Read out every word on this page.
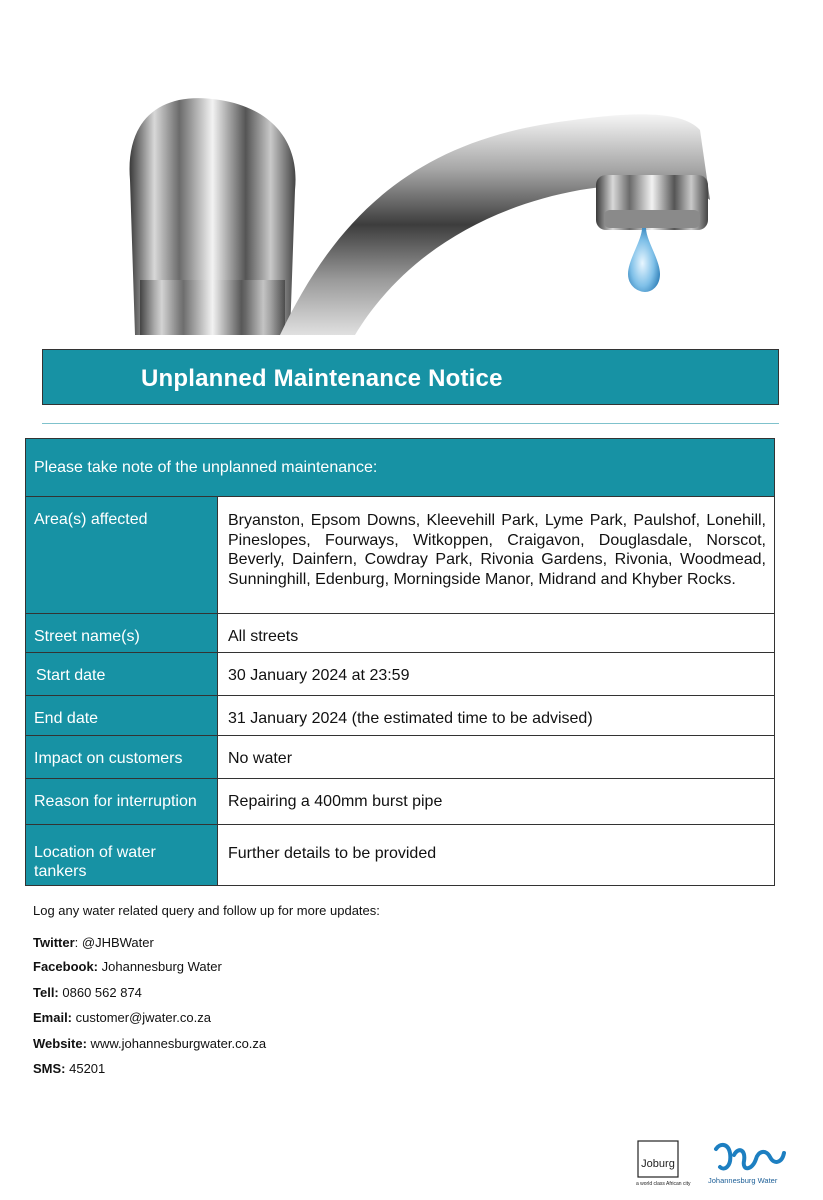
Unplanned Maintenance Notice
Please take note of the unplanned maintenance:	
Area(s) affected	Bryanston, Epsom Downs, Kleevehill Park, Lyme Park, Paulshof, Lonehill, Pineslopes, Fourways, Witkoppen, Craigavon, Douglasdale, Norscot, Beverly, Dainfern, Cowdray Park, Rivonia Gardens, Rivonia, Woodmead, Sunninghill, Edenburg, Morningside Manor, Midrand and Khyber Rocks.
Street name(s)	All streets
Start date	30 January 2024 at 23:59
End date	31 January 2024 (the estimated time to be advised)
Impact on customers	No water
Reason for interruption	Repairing a 400mm burst pipe
Location of water tankers	Further details to be provided
Log any water related query and follow up for more updates:
Twitter: @JHBWater
Facebook: Johannesburg Water
Tell: 0860 562 874
Email: customer@jwater.co.za
Website: www.johannesburgwater.co.za
SMS: 45201
Joburg
a world class African city Johannesburg Water
